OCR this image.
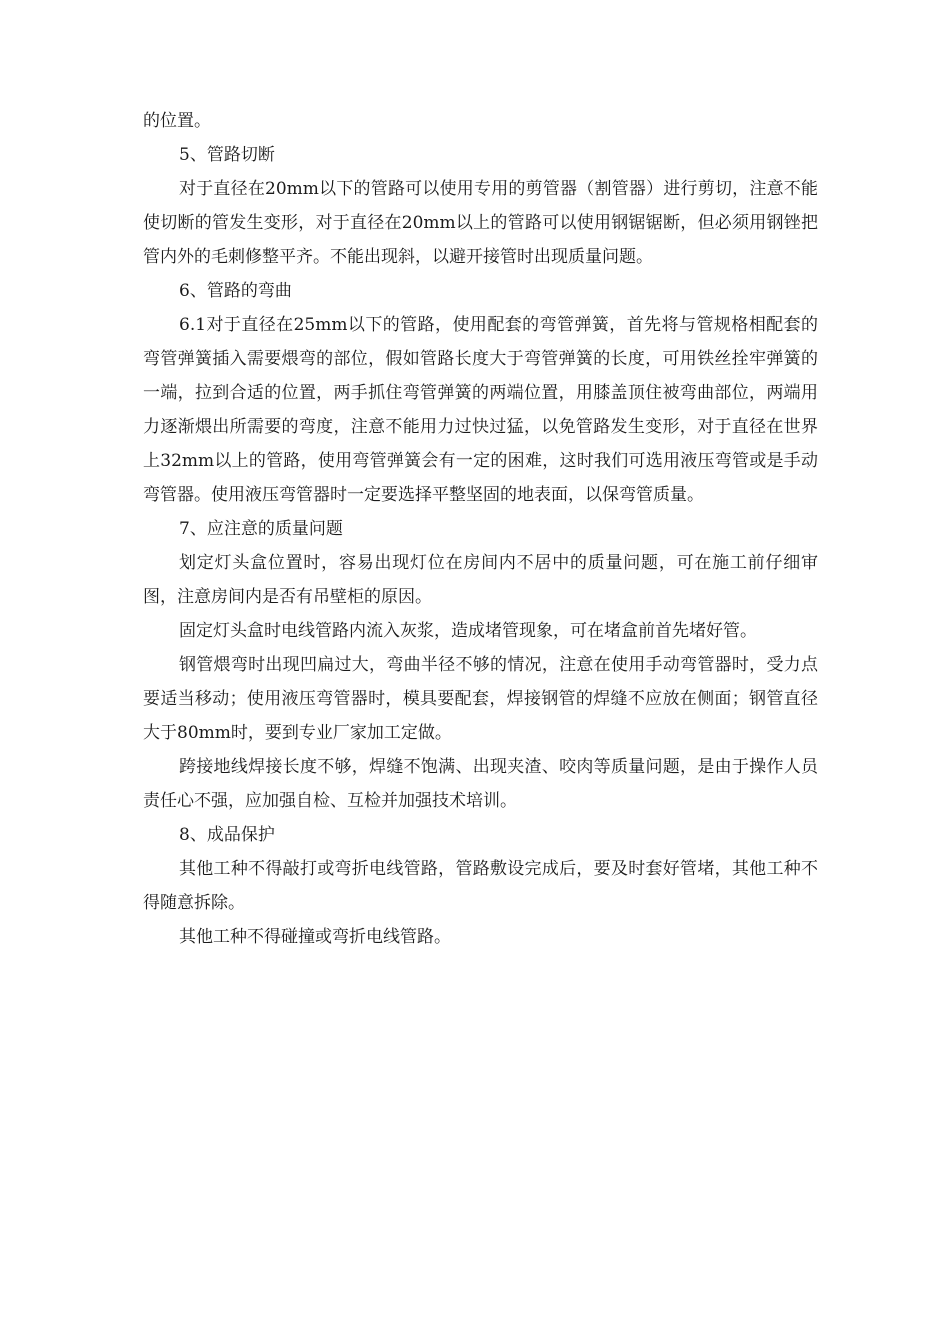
的位置。

5、管路切断

对于直径在20mm以下的管路可以使用专用的剪管器（割管器）进行剪切，注意不能使切断的管发生变形，对于直径在20mm以上的管路可以使用钢锯锯断，但必须用钢锉把管内外的毛刺修整平齐。不能出现斜，以避开接管时出现质量问题。

6、管路的弯曲

6.1对于直径在25mm以下的管路，使用配套的弯管弹簧，首先将与管规格相配套的弯管弹簧插入需要煨弯的部位，假如管路长度大于弯管弹簧的长度，可用铁丝拴牢弹簧的一端，拉到合适的位置，两手抓住弯管弹簧的两端位置，用膝盖顶住被弯曲部位，两端用力逐渐煨出所需要的弯度，注意不能用力过快过猛，以免管路发生变形，对于直径在世界上32mm以上的管路，使用弯管弹簧会有一定的困难，这时我们可选用液压弯管或是手动弯管器。使用液压弯管器时一定要选择平整坚固的地表面，以保弯管质量。

7、应注意的质量问题

划定灯头盒位置时，容易出现灯位在房间内不居中的质量问题，可在施工前仔细审图，注意房间内是否有吊壁柜的原因。

固定灯头盒时电线管路内流入灰浆，造成堵管现象，可在堵盒前首先堵好管。

钢管煨弯时出现凹扁过大，弯曲半径不够的情况，注意在使用手动弯管器时，受力点要适当移动；使用液压弯管器时，模具要配套，焊接钢管的焊缝不应放在侧面；钢管直径大于80mm时，要到专业厂家加工定做。

跨接地线焊接长度不够，焊缝不饱满、出现夹渣、咬肉等质量问题，是由于操作人员责任心不强，应加强自检、互检并加强技术培训。

8、成品保护

其他工种不得敲打或弯折电线管路，管路敷设完成后，要及时套好管堵，其他工种不得随意拆除。

其他工种不得碰撞或弯折电线管路。
